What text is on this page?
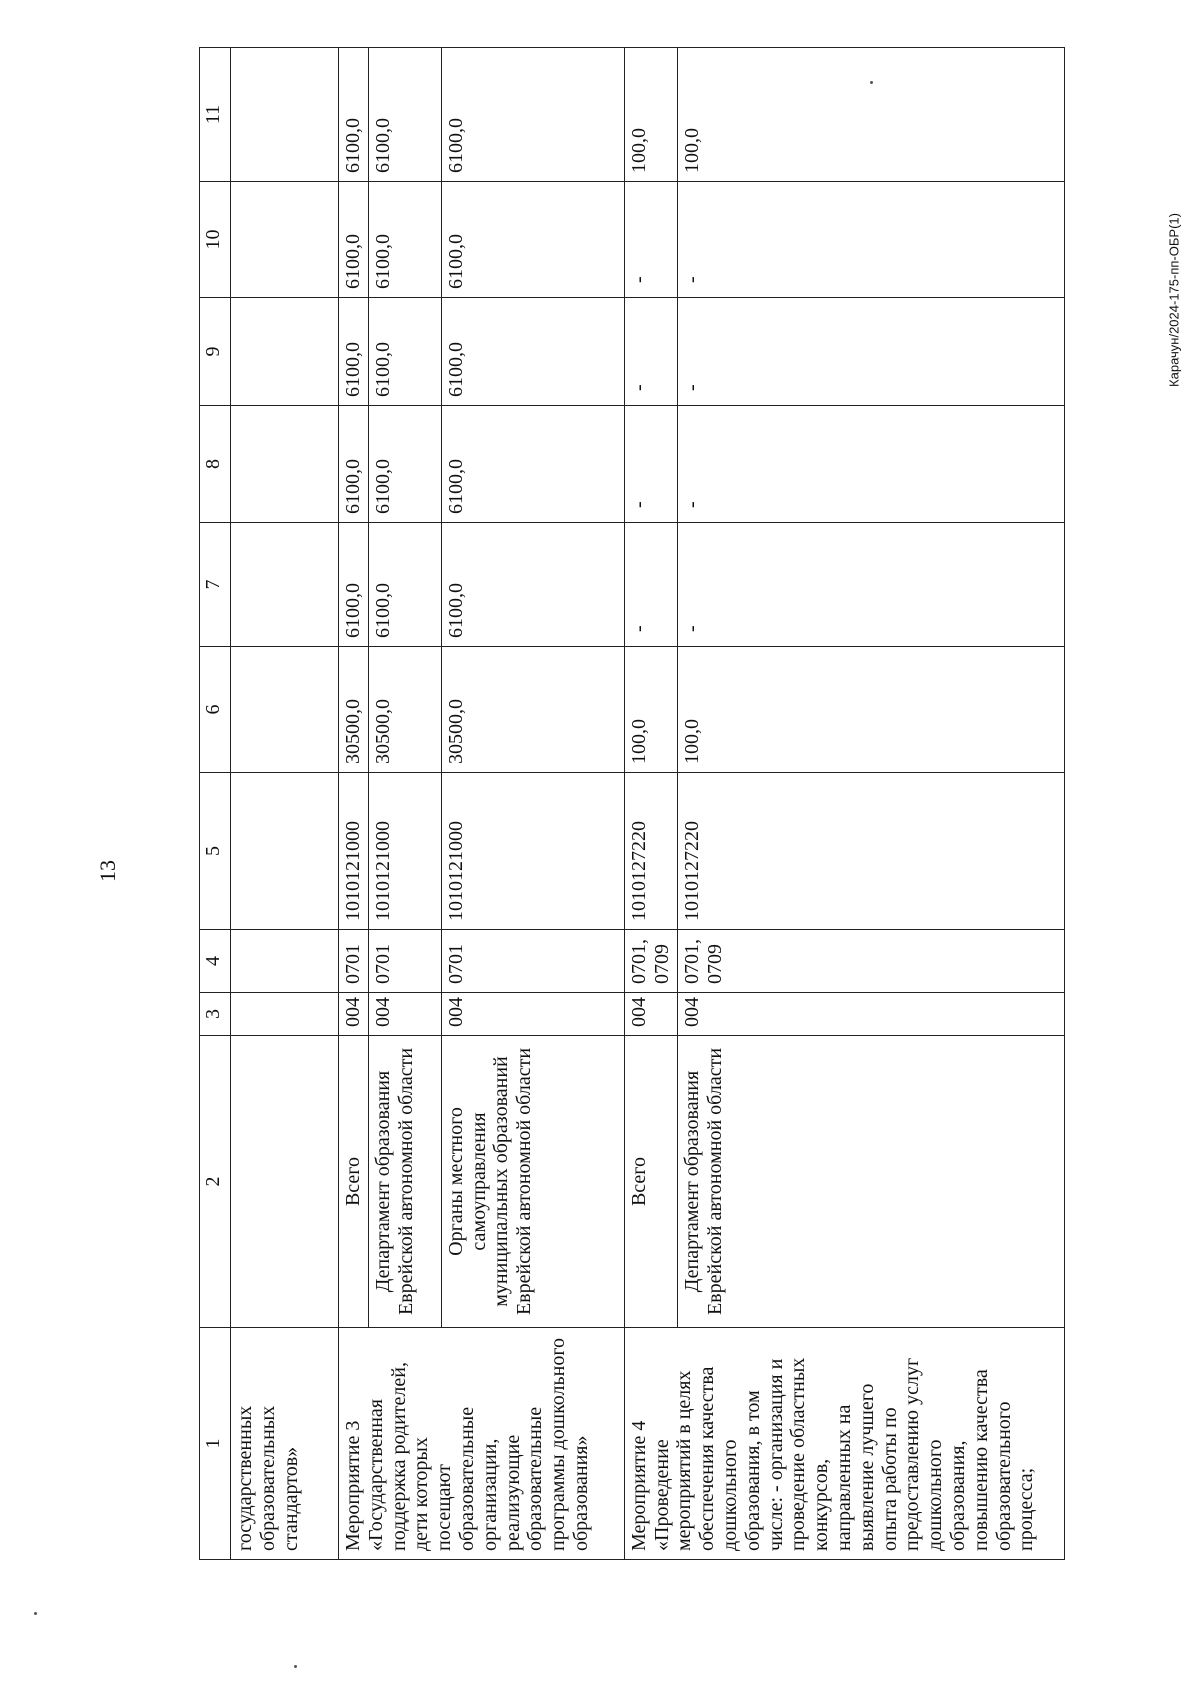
13
Карачун/2024-175-пп-ОБР(1)
1	2	3	4	5	6	7	8	9	10	11
государственных образовательных стандартов»										

Мероприятие 3 «Государственная поддержка родителей, дети которых посещают образовательные организации, реализующие образовательные программы дошкольного образования»	Всего	004	0701	1010121000	30500,0	6100,0	6100,0	6100,0	6100,0	6100,0
	Департамент образования Еврейской автономной области	004	0701	1010121000	30500,0	6100,0	6100,0	6100,0	6100,0	6100,0
	Органы местного самоуправления муниципальных образований Еврейской автономной области	004	0701	1010121000	30500,0	6100,0	6100,0	6100,0	6100,0	6100,0

Мероприятие 4 «Проведение мероприятий в целях обеспечения качества дошкольного образования, в том числе: - организация и проведение областных конкурсов, направленных на выявление лучшего опыта работы по предоставлению услуг дошкольного образования, повышению качества образовательного процесса;	Всего	004	0701, 0709	1010127220	100,0	-	-	-	-	100,0
	Департамент образования Еврейской автономной области	004	0701, 0709	1010127220	100,0	-	-	-	-	100,0
